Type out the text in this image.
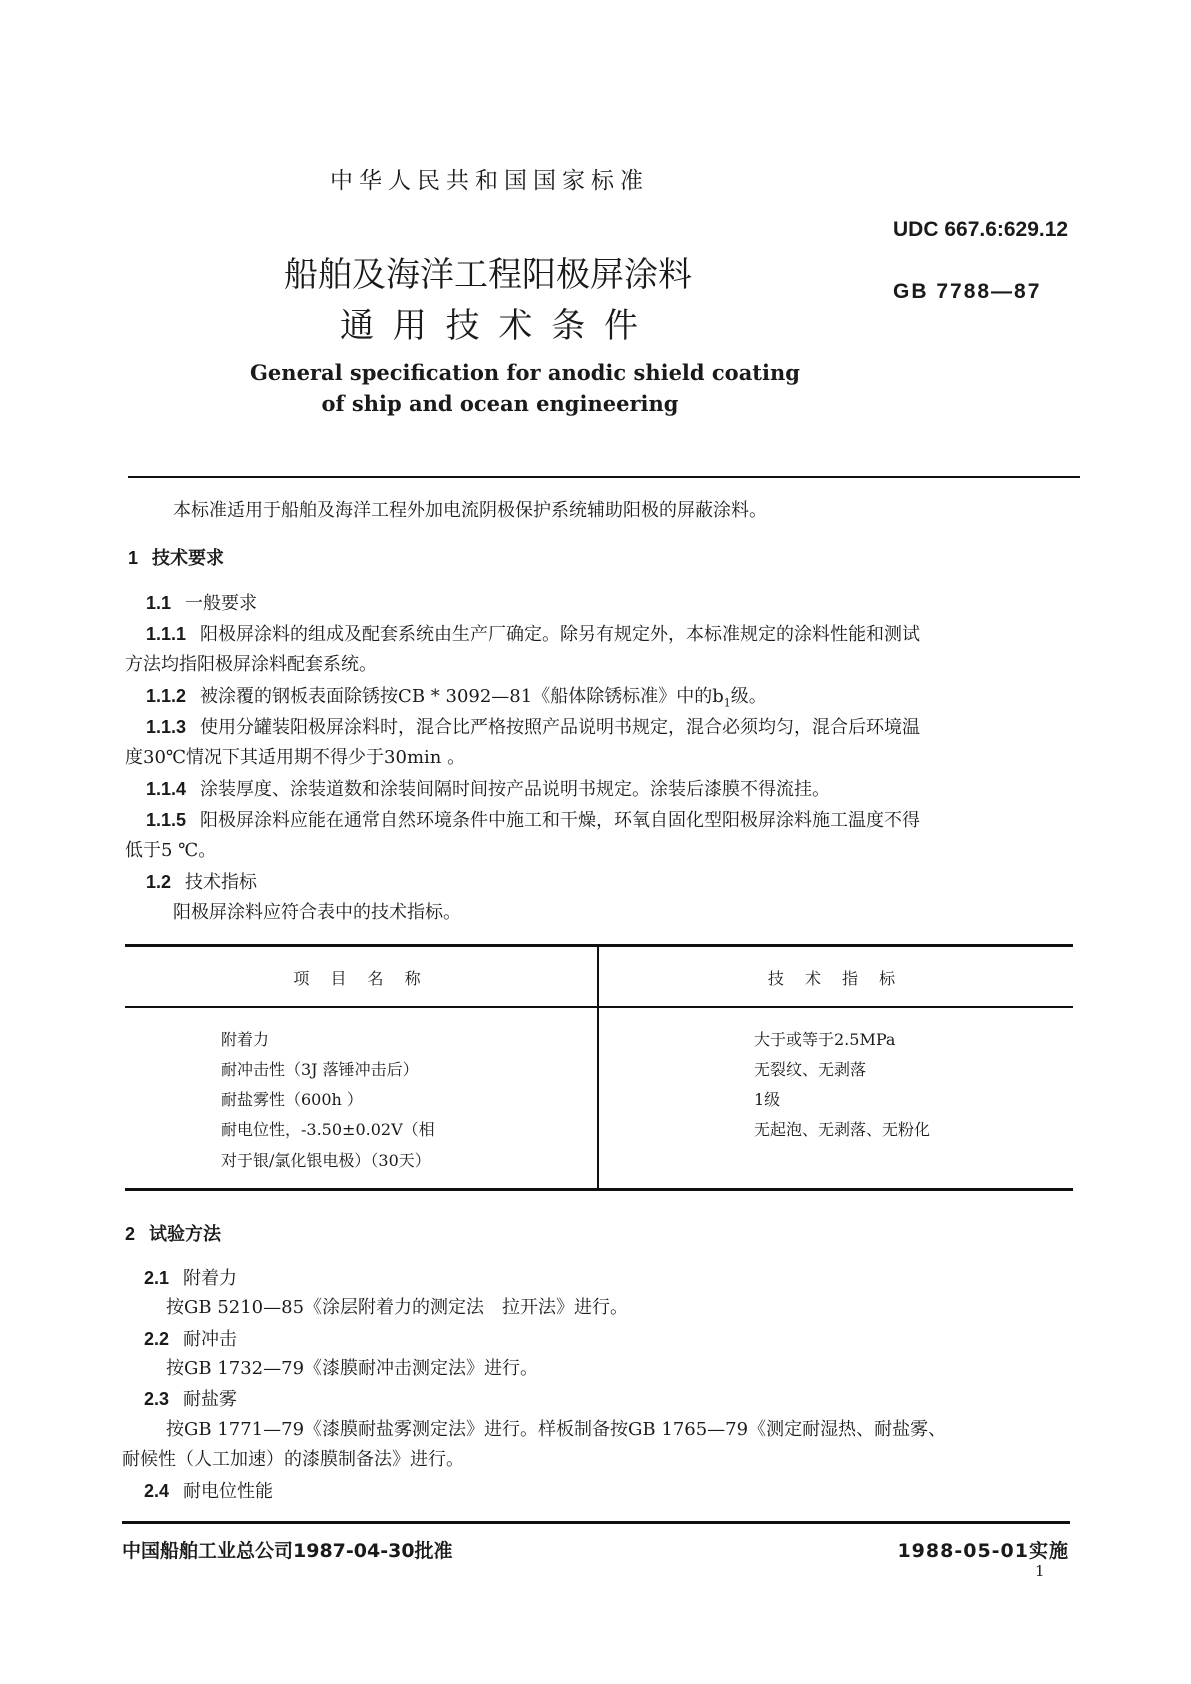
中华人民共和国国家标准
船舶及海洋工程阳极屏涂料
通 用 技 术 条 件
UDC 667.6:629.12
GB 7788—87
General specification for anodic shield coating
of ship and ocean engineering
本标准适用于船舶及海洋工程外加电流阴极保护系统辅助阳极的屏蔽涂料。
1 技术要求
1.1 一般要求
1.1.1 阳极屏涂料的组成及配套系统由生产厂确定。除另有规定外，本标准规定的涂料性能和测试
方法均指阳极屏涂料配套系统。
1.1.2 被涂覆的钢板表面除锈按CB * 3092—81《船体除锈标准》中的$b_1$级。
1.1.3 使用分罐装阳极屏涂料时，混合比严格按照产品说明书规定，混合必须均匀，混合后环境温
度30℃情况下其适用期不得少于30min 。
1.1.4 涂装厚度、涂装道数和涂装间隔时间按产品说明书规定。涂装后漆膜不得流挂。
1.1.5 阳极屏涂料应能在通常自然环境条件中施工和干燥，环氧自固化型阳极屏涂料施工温度不得
低于5 ℃。
1.2 技术指标
阳极屏涂料应符合表中的技术指标。
项 目 名 称	技 术 指 标
附着力
耐冲击性（3J 落锤冲击后）
耐盐雾性（600h ）
耐电位性，-3.50±0.02V（相
对于银/氯化银电极）（30天）
大于或等于2.5MPa
无裂纹、无剥落
1级
无起泡、无剥落、无粉化
2 试验方法
2.1 附着力
按GB 5210—85《涂层附着力的测定法　拉开法》进行。
2.2 耐冲击
按GB 1732—79《漆膜耐冲击测定法》进行。
2.3 耐盐雾
按GB 1771—79《漆膜耐盐雾测定法》进行。样板制备按GB 1765—79《测定耐湿热、耐盐雾、
耐候性（人工加速）的漆膜制备法》进行。
2.4 耐电位性能
中国船舶工业总公司1987-04-30批准	1988-05-01实施
1
